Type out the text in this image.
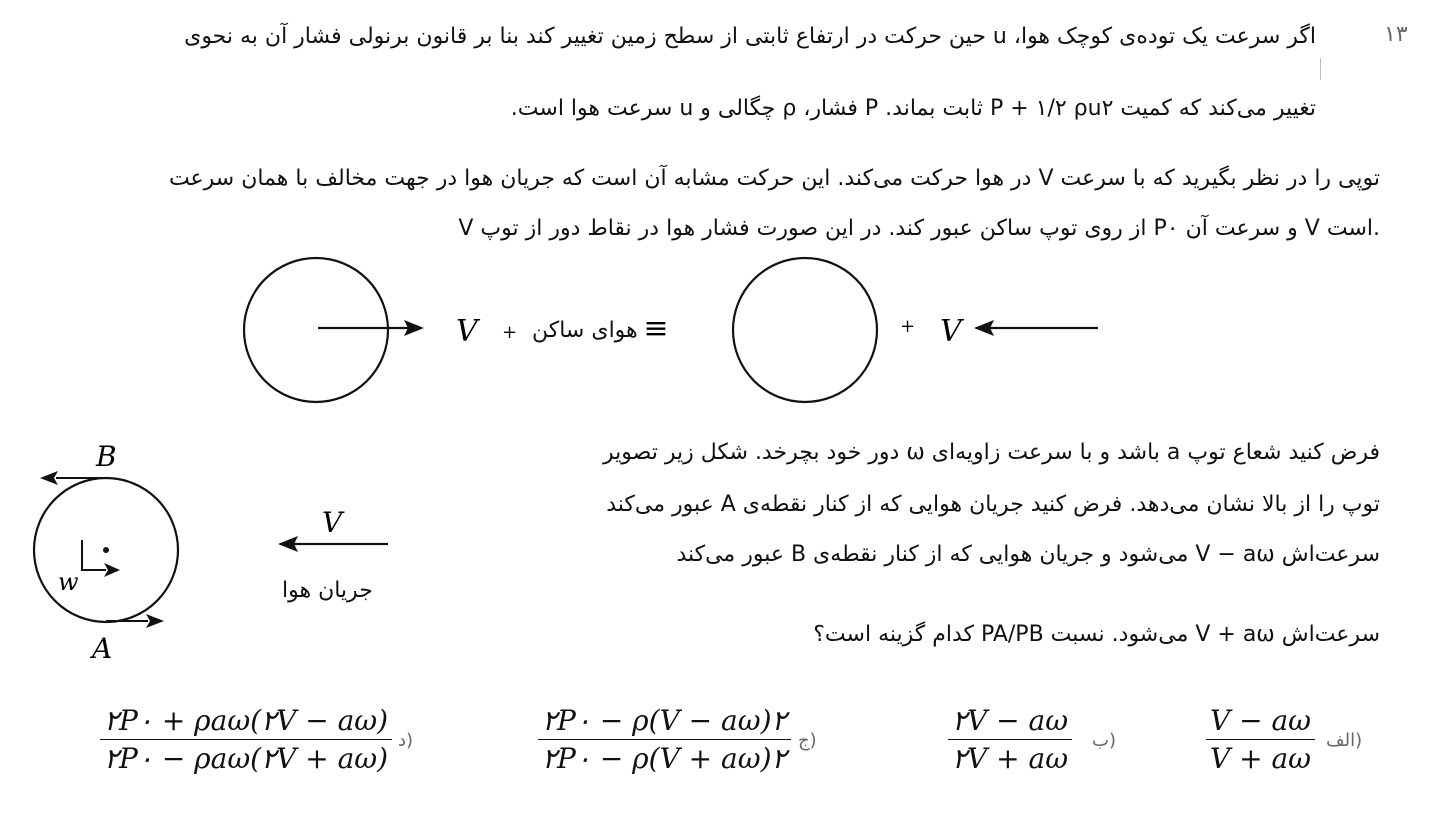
۱۳
اگر سرعت یک توده‌ی کوچک هوا، u حین حرکت در ارتفاع ثابتی از سطح زمین تغییر کند بنا بر قانون برنولی فشار آن به نحوی
تغییر می‌کند که کمیت P + ۱/۲ ρu۲ ثابت بماند. P فشار، ρ چگالی و u سرعت هوا است.
توپی را در نظر بگیرید که با سرعت V در هوا حرکت می‌کند. این حرکت مشابه آن است که جریان هوا در جهت مخالف با همان سرعت
V از روی توپ ساکن عبور کند. در این صورت فشار هوا در نقاط دور از توپ P۰ و سرعت آن V است.
V +	≡	+ V
هوای ساکن
فرض کنید شعاع توپ a باشد و با سرعت زاویه‌ای ω دور خود بچرخد. شکل زیر تصویر
توپ را از بالا نشان می‌دهد. فرض کنید جریان هوایی که از کنار نقطه‌ی A عبور می‌کند
سرعت‌اش V − aω می‌شود و جریان هوایی که از کنار نقطه‌ی B عبور می‌کند
سرعت‌اش V + aω می‌شود. نسبت PA/PB کدام گزینه است؟
B
w
A
V
جریان هوا
الف)
$\frac{V - a\omega}{V + a\omega}$
ب)
$\frac{۲V - a\omega}{۲V + a\omega}$
ج)
$\frac{۲P۰ - \rho(V - a\omega)۲}{۲P۰ - \rho(V + a\omega)۲}$
د)
۲P۰ + ρaω(۲V − aω)
۲P۰ − ρaω(۲V + aω)
